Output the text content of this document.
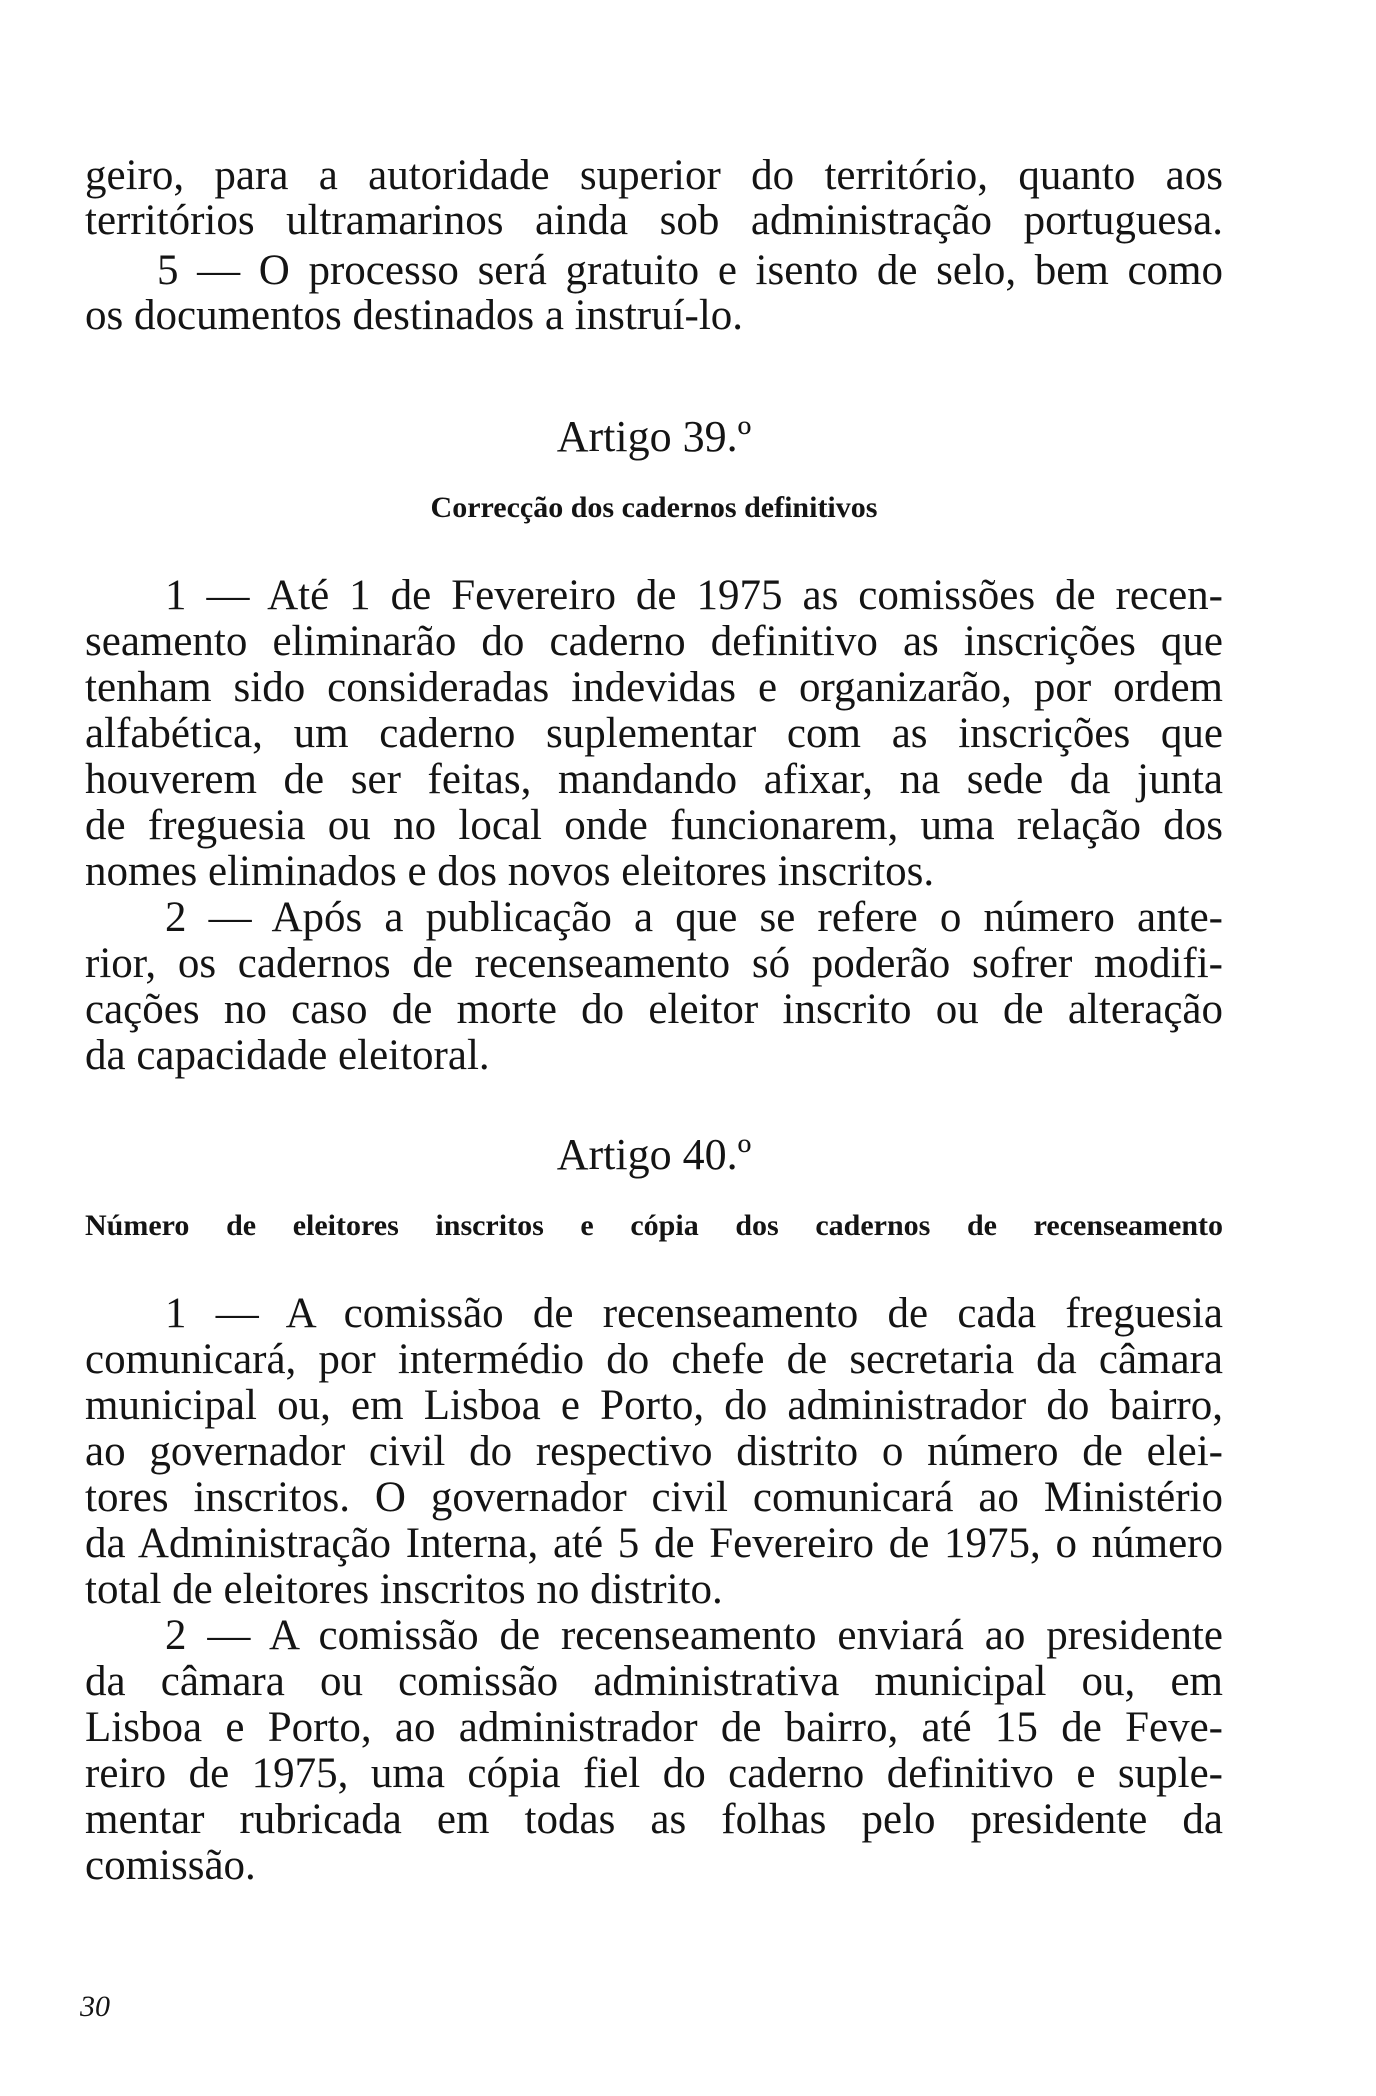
geiro, para a autoridade superior do território, quanto aos
territórios ultramarinos ainda sob administração portuguesa.
5 — O processo será gratuito e isento de selo, bem como
os documentos destinados a instruí-lo.
Artigo 39.º
Correcção dos cadernos definitivos
1 — Até 1 de Fevereiro de 1975 as comissões de recen-
seamento eliminarão do caderno definitivo as inscrições que
tenham sido consideradas indevidas e organizarão, por ordem
alfabética, um caderno suplementar com as inscrições que
houverem de ser feitas, mandando afixar, na sede da junta
de freguesia ou no local onde funcionarem, uma relação dos
nomes eliminados e dos novos eleitores inscritos.
2 — Após a publicação a que se refere o número ante-
rior, os cadernos de recenseamento só poderão sofrer modifi-
cações no caso de morte do eleitor inscrito ou de alteração
da capacidade eleitoral.
Artigo 40.º
Número de eleitores inscritos e cópia dos cadernos de recenseamento
1 — A comissão de recenseamento de cada freguesia
comunicará, por intermédio do chefe de secretaria da câmara
municipal ou, em Lisboa e Porto, do administrador do bairro,
ao governador civil do respectivo distrito o número de elei-
tores inscritos. O governador civil comunicará ao Ministério
da Administração Interna, até 5 de Fevereiro de 1975, o número
total de eleitores inscritos no distrito.
2 — A comissão de recenseamento enviará ao presidente
da câmara ou comissão administrativa municipal ou, em
Lisboa e Porto, ao administrador de bairro, até 15 de Feve-
reiro de 1975, uma cópia fiel do caderno definitivo e suple-
mentar rubricada em todas as folhas pelo presidente da
comissão.
30
